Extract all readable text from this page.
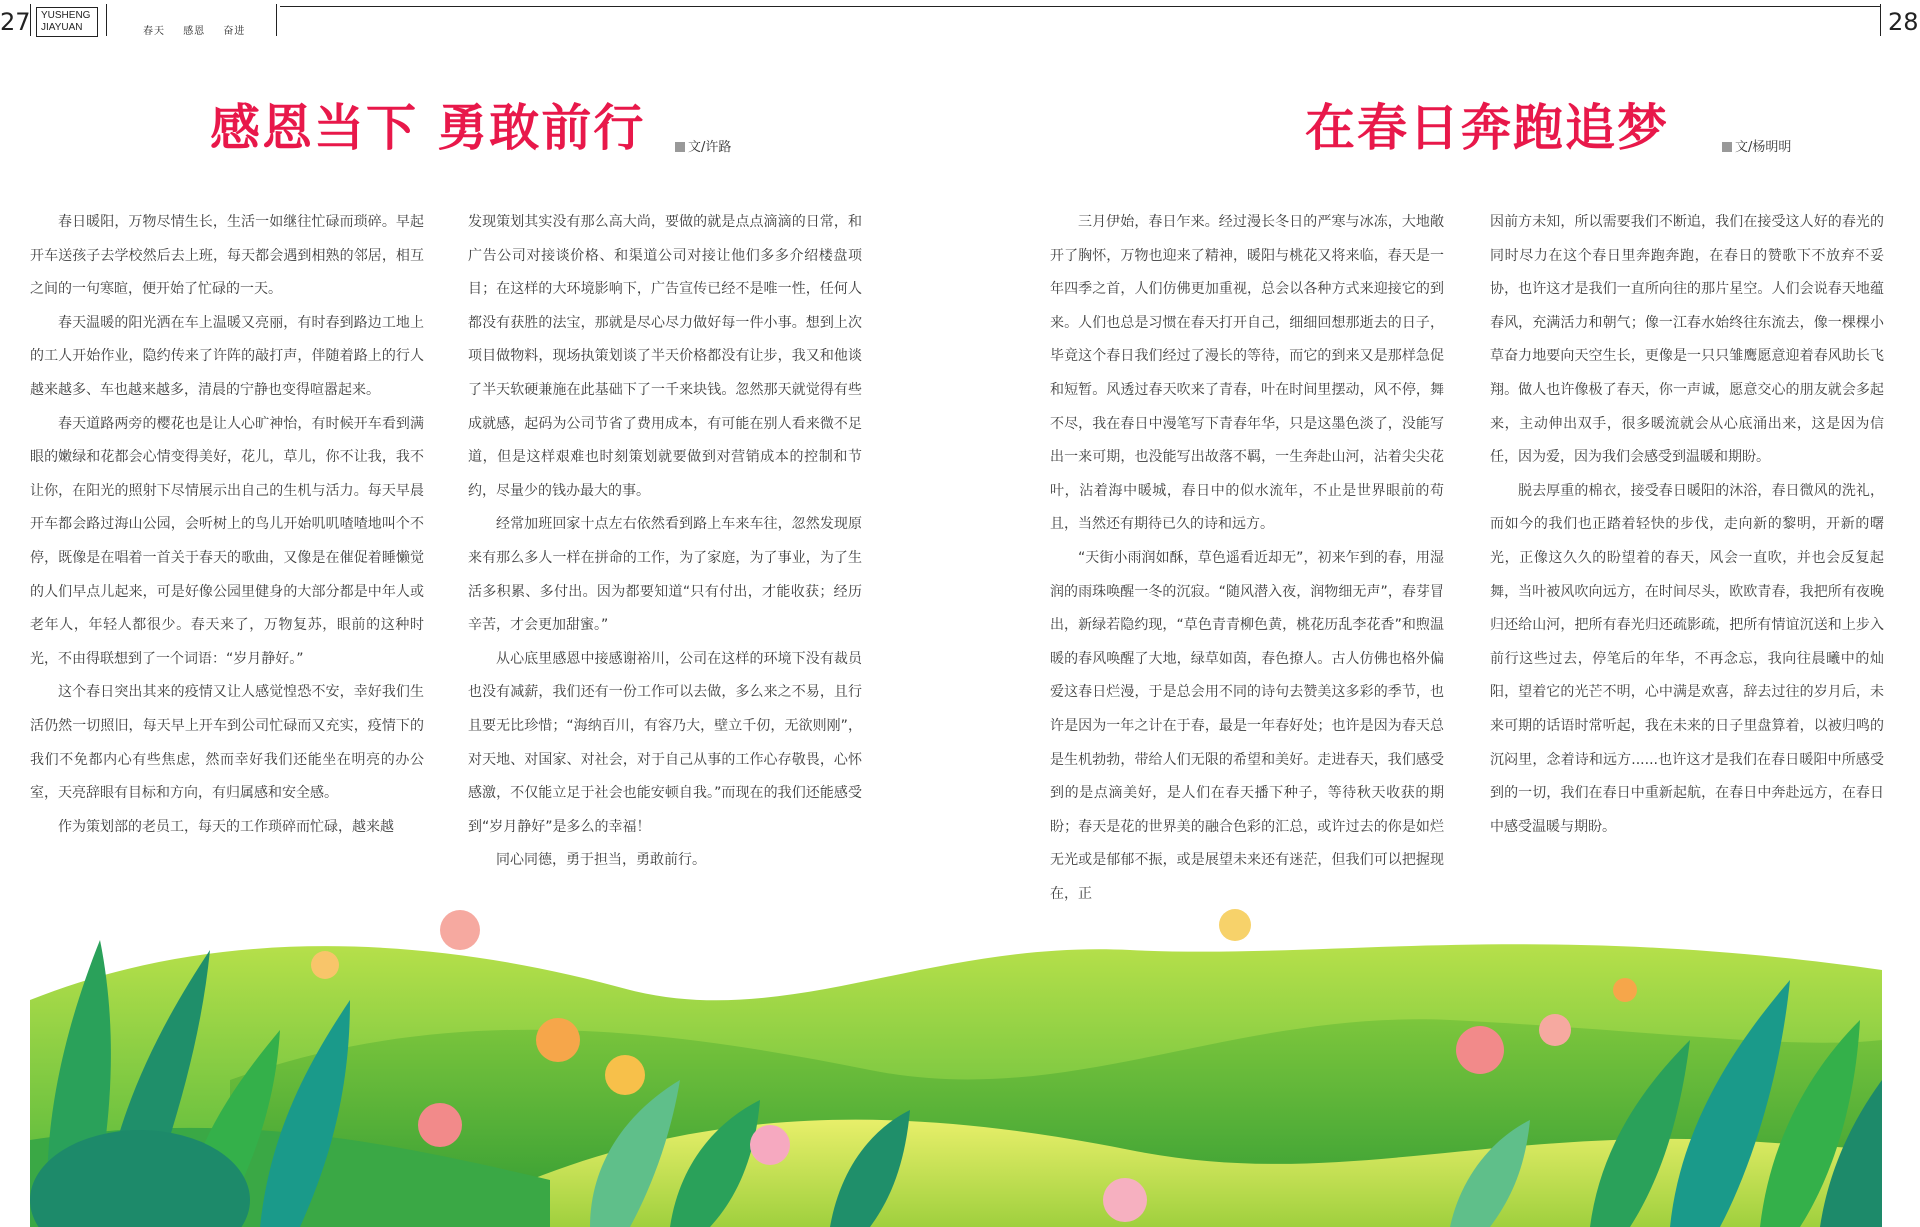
27 YUSHENG
JIAYUAN	春天 感恩 奋进	28
感恩当下 勇敢前行	文/许路

春日暖阳，万物尽情生长，生活一如继往忙碌而琐碎。早起开车送孩子去学校然后去上班，每天都会遇到相熟的邻居，相互之间的一句寒暄，便开始了忙碌的一天。

春天温暖的阳光洒在车上温暖又亮丽，有时春到路边工地上的工人开始作业，隐约传来了许阵的敲打声，伴随着路上的行人越来越多、车也越来越多，清晨的宁静也变得喧嚣起来。

春天道路两旁的樱花也是让人心旷神怡，有时候开车看到满眼的嫩绿和花都会心情变得美好，花儿，草儿，你不让我，我不让你，在阳光的照射下尽情展示出自己的生机与活力。每天早晨开车都会路过海山公园，会听树上的鸟儿开始叽叽喳喳地叫个不停，既像是在唱着一首关于春天的歌曲，又像是在催促着睡懒觉的人们早点儿起来，可是好像公园里健身的大部分都是中年人或老年人，年轻人都很少。春天来了，万物复苏，眼前的这种时光，不由得联想到了一个词语：“岁月静好。”

这个春日突出其来的疫情又让人感觉惶恐不安，幸好我们生活仍然一切照旧，每天早上开车到公司忙碌而又充实，疫情下的我们不免都内心有些焦虑，然而幸好我们还能坐在明亮的办公室，天亮辞眼有目标和方向，有归属感和安全感。

作为策划部的老员工，每天的工作琐碎而忙碌，越来越

发现策划其实没有那么高大尚，要做的就是点点滴滴的日常，和广告公司对接谈价格、和渠道公司对接让他们多多介绍楼盘项目；在这样的大环境影响下，广告宣传已经不是唯一性，任何人都没有获胜的法宝，那就是尽心尽力做好每一件小事。想到上次项目做物料，现场执策划谈了半天价格都没有让步，我又和他谈了半天软硬兼施在此基础下了一千来块钱。忽然那天就觉得有些成就感，起码为公司节省了费用成本，有可能在别人看来微不足道，但是这样艰难也时刻策划就要做到对营销成本的控制和节约，尽量少的钱办最大的事。

经常加班回家十点左右依然看到路上车来车往，忽然发现原来有那么多人一样在拼命的工作，为了家庭，为了事业，为了生活多积累、多付出。因为都要知道“只有付出，才能收获；经历辛苦，才会更加甜蜜。”

从心底里感恩中接感谢裕川，公司在这样的环境下没有裁员也没有减薪，我们还有一份工作可以去做，多么来之不易，且行且要无比珍惜；“海纳百川，有容乃大，壁立千仞，无欲则刚”，对天地、对国家、对社会，对于自己从事的工作心存敬畏，心怀感激，不仅能立足于社会也能安顿自我。”而现在的我们还能感受到“岁月静好”是多么的幸福！

同心同德，勇于担当，勇敢前行。

在春日奔跑追梦	文/杨明明

三月伊始，春日乍来。经过漫长冬日的严寒与冰冻，大地敞开了胸怀，万物也迎来了精神，暖阳与桃花又将来临，春天是一年四季之首，人们仿佛更加重视，总会以各种方式来迎接它的到来。人们也总是习惯在春天打开自己，细细回想那逝去的日子，毕竟这个春日我们经过了漫长的等待，而它的到来又是那样急促和短暂。风透过春天吹来了青春，叶在时间里摆动，风不停，舞不尽，我在春日中漫笔写下青春年华，只是这墨色淡了，没能写出一来可期，也没能写出故落不羁，一生奔赴山河，沾着尖尖花叶，沾着海中暖城，春日中的似水流年，不止是世界眼前的苟且，当然还有期待已久的诗和远方。

“天街小雨润如酥，草色遥看近却无”，初来乍到的春，用湿润的雨珠唤醒一冬的沉寂。“随风潜入夜，润物细无声”，春芽冒出，新绿若隐约现，“草色青青柳色黄，桃花历乱李花香”和煦温暖的春风唤醒了大地，绿草如茵，春色撩人。古人仿佛也格外偏爱这春日烂漫，于是总会用不同的诗句去赞美这多彩的季节，也许是因为一年之计在于春，最是一年春好处；也许是因为春天总是生机勃勃，带给人们无限的希望和美好。走进春天，我们感受到的是点滴美好，是人们在春天播下种子，等待秋天收获的期盼；春天是花的世界美的融合色彩的汇总，或许过去的你是如烂无光或是郁郁不振，或是展望未来还有迷茫，但我们可以把握现在，正

因前方未知，所以需要我们不断追，我们在接受这人好的春光的同时尽力在这个春日里奔跑奔跑，在春日的赞歌下不放弃不妥协，也许这才是我们一直所向往的那片星空。人们会说春天地蕴春风，充满活力和朝气；像一江春水始终往东流去，像一棵棵小草奋力地要向天空生长，更像是一只只雏鹰愿意迎着春风助长飞翔。做人也许像极了春天，你一声诚，愿意交心的朋友就会多起来，主动伸出双手，很多暖流就会从心底涌出来，这是因为信任，因为爱，因为我们会感受到温暖和期盼。

脱去厚重的棉衣，接受春日暖阳的沐浴，春日微风的洗礼，而如今的我们也正踏着轻快的步伐，走向新的黎明，开新的曙光，正像这久久的盼望着的春天，风会一直吹，并也会反复起舞，当叶被风吹向远方，在时间尽头，欧欧青春，我把所有夜晚归还给山河，把所有春光归还疏影疏，把所有情谊沉送和上步入前行这些过去，停笔后的年华，不再念忘，我向往晨曦中的灿阳，望着它的光芒不明，心中满是欢喜，辞去过往的岁月后，未来可期的话语时常听起，我在未来的日子里盘算着，以被归鸣的沉闷里，念着诗和远方......也许这才是我们在春日暖阳中所感受到的一切，我们在春日中重新起航，在春日中奔赴远方，在春日中感受温暖与期盼。
